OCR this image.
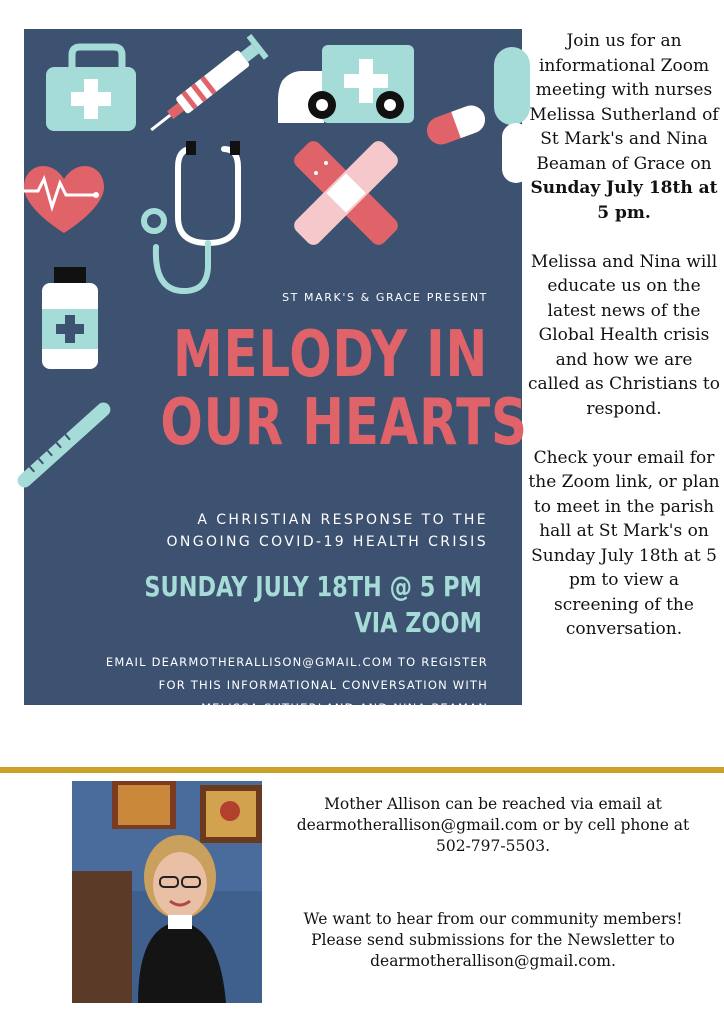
ST MARK'S & GRACE PRESENT
MELODY IN
OUR HEARTS
A CHRISTIAN RESPONSE TO THE
ONGOING COVID-19 HEALTH CRISIS
SUNDAY JULY 18TH @ 5 PM
VIA ZOOM
EMAIL DEARMOTHERALLISON@GMAIL.COM TO REGISTER
FOR THIS INFORMATIONAL CONVERSATION WITH
MELISSA SUTHERLAND AND NINA BEAMAN

Join us for an informational Zoom meeting with nurses Melissa Sutherland of St Mark's and Nina Beaman of Grace on Sunday July 18th at 5 pm.

Melissa and Nina will educate us on the latest news of the Global Health crisis and how we are called as Christians to respond.

Check your email for the Zoom link, or plan to meet in the parish hall at St Mark's on Sunday July 18th at 5 pm to view a screening of the conversation.

Mother Allison can be reached via email at dearmotherallison@gmail.com or by cell phone at 502-797-5503.

We want to hear from our community members! Please send submissions for the Newsletter to dearmotherallison@gmail.com.
